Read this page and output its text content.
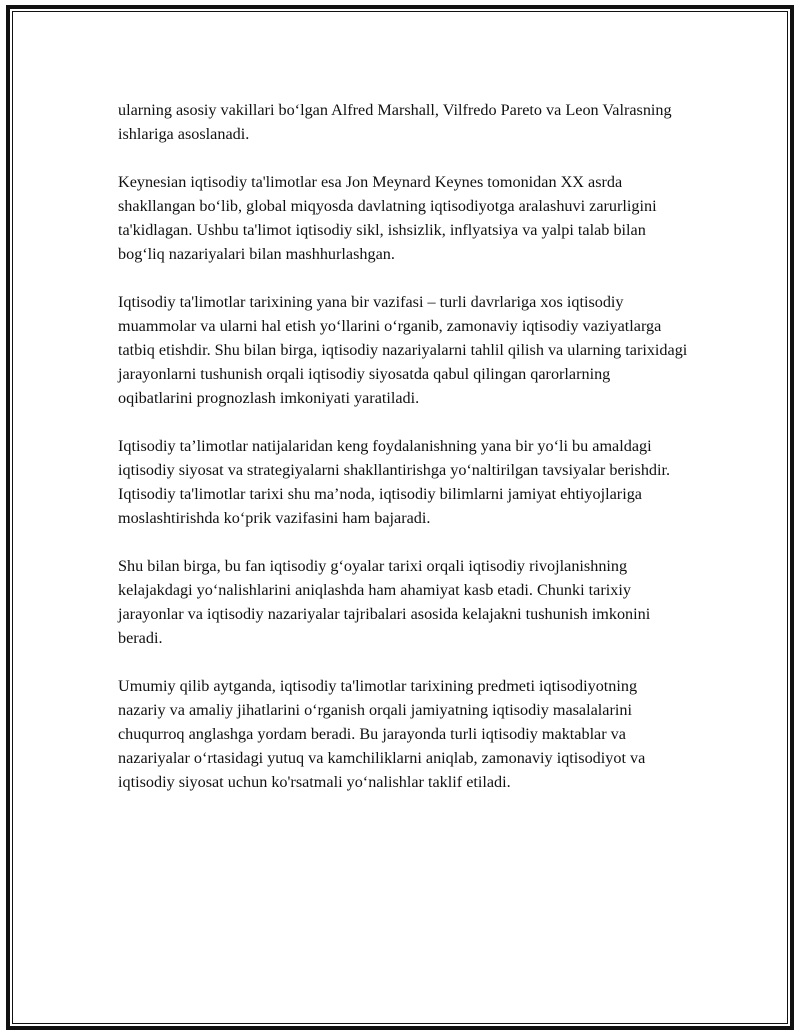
ularning asosiy vakillari bo‘lgan Alfred Marshall, Vilfredo Pareto va Leon Valrasning ishlariga asoslanadi.

Keynesian iqtisodiy ta'limotlar esa Jon Meynard Keynes tomonidan XX asrda shakllangan bo‘lib, global miqyosda davlatning iqtisodiyotga aralashuvi zarurligini ta'kidlagan. Ushbu ta'limot iqtisodiy sikl, ishsizlik, inflyatsiya va yalpi talab bilan bog‘liq nazariyalari bilan mashhurlashgan.

Iqtisodiy ta'limotlar tarixining yana bir vazifasi – turli davrlariga xos iqtisodiy muammolar va ularni hal etish yo‘llarini o‘rganib, zamonaviy iqtisodiy vaziyatlarga tatbiq etishdir. Shu bilan birga, iqtisodiy nazariyalarni tahlil qilish va ularning tarixidagi jarayonlarni tushunish orqali iqtisodiy siyosatda qabul qilingan qarorlarning oqibatlarini prognozlash imkoniyati yaratiladi.

Iqtisodiy ta’limotlar natijalaridan keng foydalanishning yana bir yo‘li bu amaldagi iqtisodiy siyosat va strategiyalarni shakllantirishga yo‘naltirilgan tavsiyalar berishdir. Iqtisodiy ta'limotlar tarixi shu ma’noda, iqtisodiy bilimlarni jamiyat ehtiyojlariga moslashtirishda ko‘prik vazifasini ham bajaradi.

Shu bilan birga, bu fan iqtisodiy g‘oyalar tarixi orqali iqtisodiy rivojlanishning kelajakdagi yo‘nalishlarini aniqlashda ham ahamiyat kasb etadi. Chunki tarixiy jarayonlar va iqtisodiy nazariyalar tajribalari asosida kelajakni tushunish imkonini beradi.

Umumiy qilib aytganda, iqtisodiy ta'limotlar tarixining predmeti iqtisodiyotning nazariy va amaliy jihatlarini o‘rganish orqali jamiyatning iqtisodiy masalalarini chuqurroq anglashga yordam beradi. Bu jarayonda turli iqtisodiy maktablar va nazariyalar o‘rtasidagi yutuq va kamchiliklarni aniqlab, zamonaviy iqtisodiyot va iqtisodiy siyosat uchun ko'rsatmali yo‘nalishlar taklif etiladi.
